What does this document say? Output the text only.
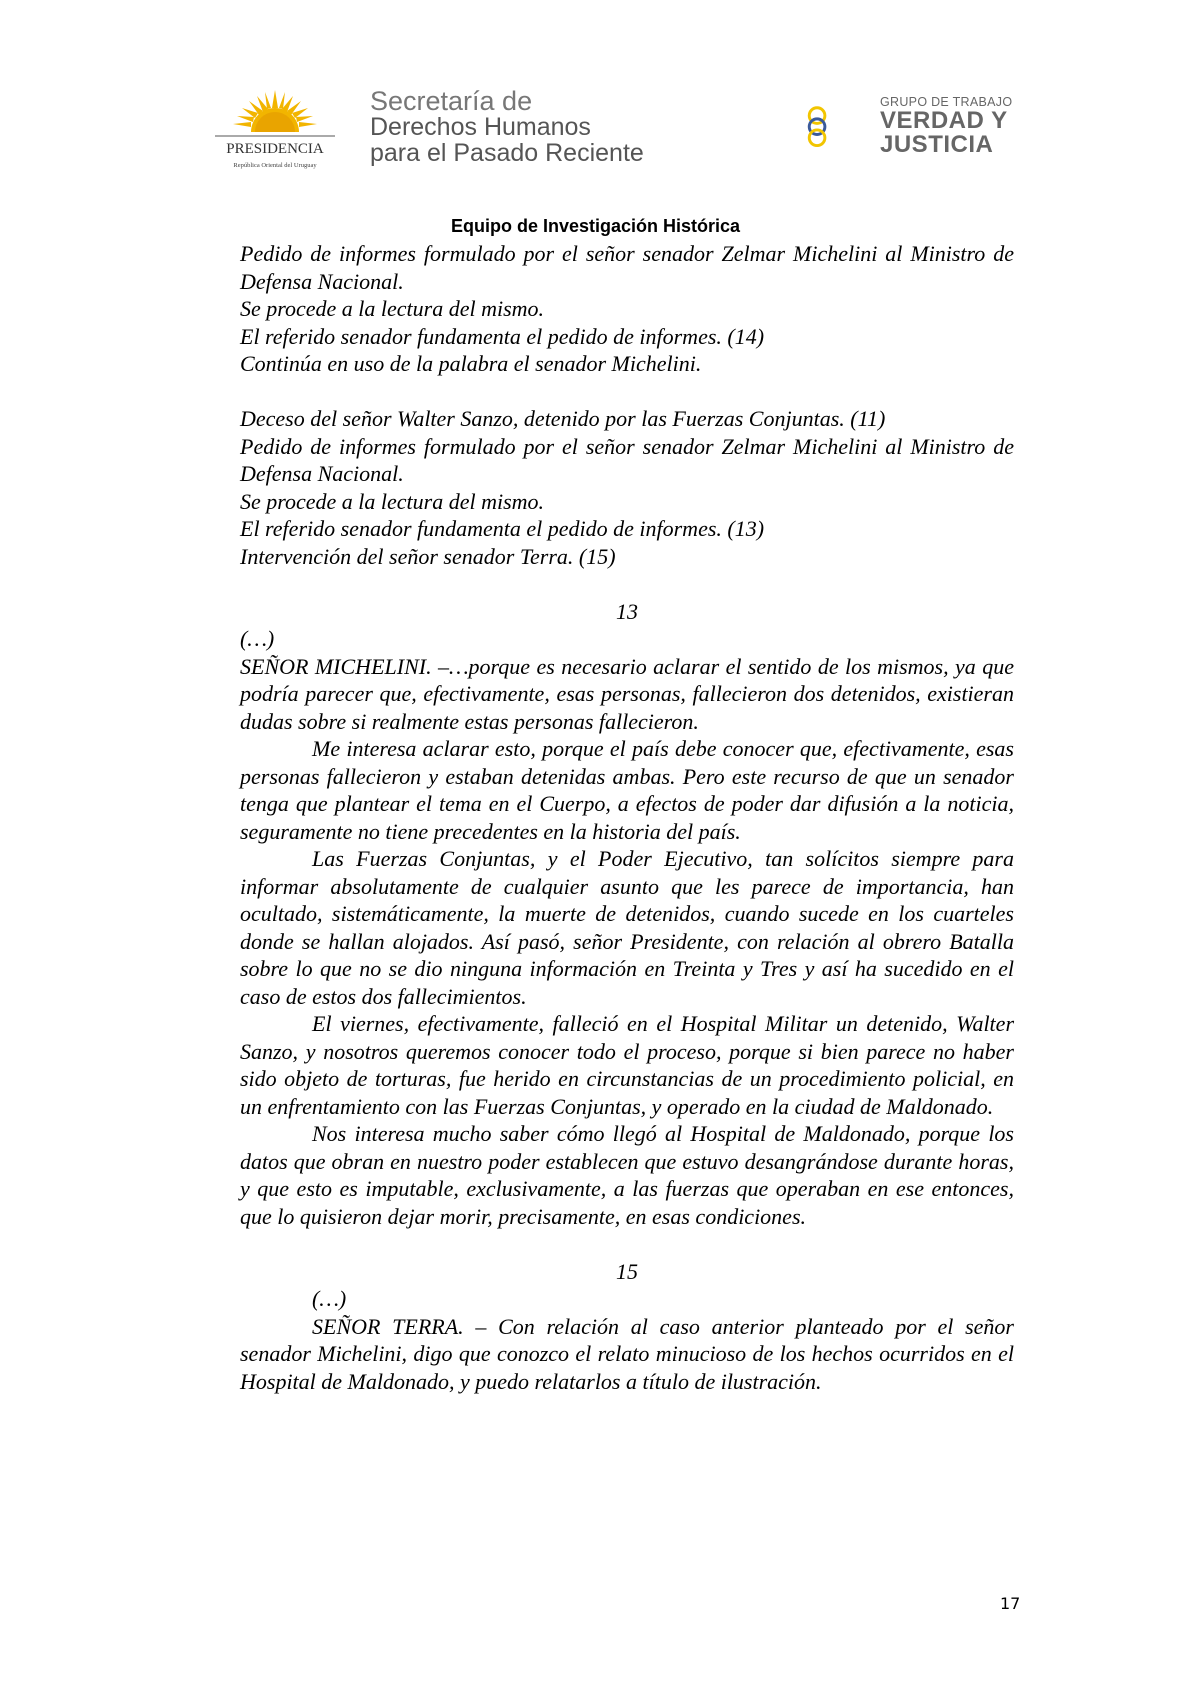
PRESIDENCIA
República Oriental del Uruguay
Secretaría de
Derechos Humanos
para el Pasado Reciente
GRUPO DE TRABAJO
VERDAD Y
JUSTICIA
Equipo de Investigación Histórica

Pedido de informes formulado por el señor senador Zelmar Michelini al Ministro de Defensa Nacional.

Se procede a la lectura del mismo.

El referido senador fundamenta el pedido de informes. (14)

Continúa en uso de la palabra el senador Michelini.

Deceso del señor Walter Sanzo, detenido por las Fuerzas Conjuntas. (11)

Pedido de informes formulado por el señor senador Zelmar Michelini al Ministro de Defensa Nacional.

Se procede a la lectura del mismo.

El referido senador fundamenta el pedido de informes. (13)

Intervención del señor senador Terra. (15)

13

(…)

SEÑOR MICHELINI. –…porque es necesario aclarar el sentido de los mismos, ya que podría parecer que, efectivamente, esas personas, fallecieron dos detenidos, existieran dudas sobre si realmente estas personas fallecieron.

Me interesa aclarar esto, porque el país debe conocer que, efectivamente, esas personas fallecieron y estaban detenidas ambas. Pero este recurso de que un senador tenga que plantear el tema en el Cuerpo, a efectos de poder dar difusión a la noticia, seguramente no tiene precedentes en la historia del país.

Las Fuerzas Conjuntas, y el Poder Ejecutivo, tan solícitos siempre para informar absolutamente de cualquier asunto que les parece de importancia, han ocultado, sistemáticamente, la muerte de detenidos, cuando sucede en los cuarteles donde se hallan alojados. Así pasó, señor Presidente, con relación al obrero Batalla sobre lo que no se dio ninguna información en Treinta y Tres y así ha sucedido en el caso de estos dos fallecimientos.

El viernes, efectivamente, falleció en el Hospital Militar un detenido, Walter Sanzo, y nosotros queremos conocer todo el proceso, porque si bien parece no haber sido objeto de torturas, fue herido en circunstancias de un procedimiento policial, en un enfrentamiento con las Fuerzas Conjuntas, y operado en la ciudad de Maldonado.

Nos interesa mucho saber cómo llegó al Hospital de Maldonado, porque los datos que obran en nuestro poder establecen que estuvo desangrándose durante horas, y que esto es imputable, exclusivamente, a las fuerzas que operaban en ese entonces, que lo quisieron dejar morir, precisamente, en esas condiciones.

15

(…)

SEÑOR TERRA. – Con relación al caso anterior planteado por el señor senador Michelini, digo que conozco el relato minucioso de los hechos ocurridos en el Hospital de Maldonado, y puedo relatarlos a título de ilustración.

17
